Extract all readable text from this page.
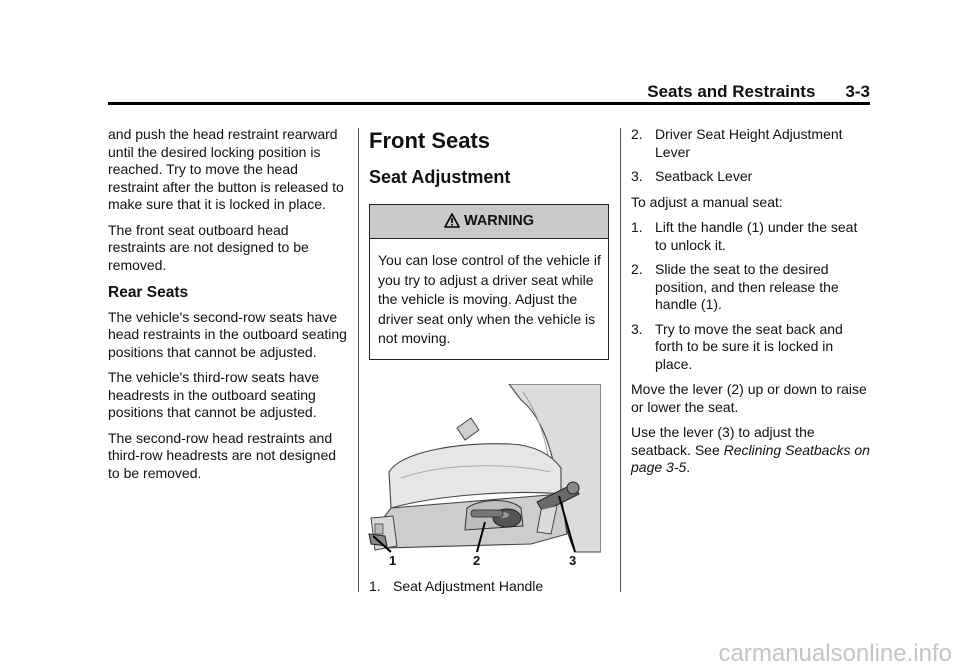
Seats and Restraints 3-3

and push the head restraint rearward until the desired locking position is reached. Try to move the head restraint after the button is released to make sure that it is locked in place.

The front seat outboard head restraints are not designed to be removed.

Rear Seats

The vehicle's second-row seats have head restraints in the outboard seating positions that cannot be adjusted.

The vehicle's third-row seats have headrests in the outboard seating positions that cannot be adjusted.

The second-row head restraints and third-row headrests are not designed to be removed.

Front Seats
Seat Adjustment
WARNING
You can lose control of the vehicle if you try to adjust a driver seat while the vehicle is moving. Adjust the driver seat only when the vehicle is not moving.
1	2	3
1. Seat Adjustment Handle
2. Driver Seat Height Adjustment Lever
3. Seatback Lever

To adjust a manual seat:

1. Lift the handle (1) under the seat to unlock it.
2. Slide the seat to the desired position, and then release the handle (1).
3. Try to move the seat back and forth to be sure it is locked in place.

Move the lever (2) up or down to raise or lower the seat.

Use the lever (3) to adjust the seatback. See Reclining Seatbacks on page 3-5.

carmanualsonline.info
